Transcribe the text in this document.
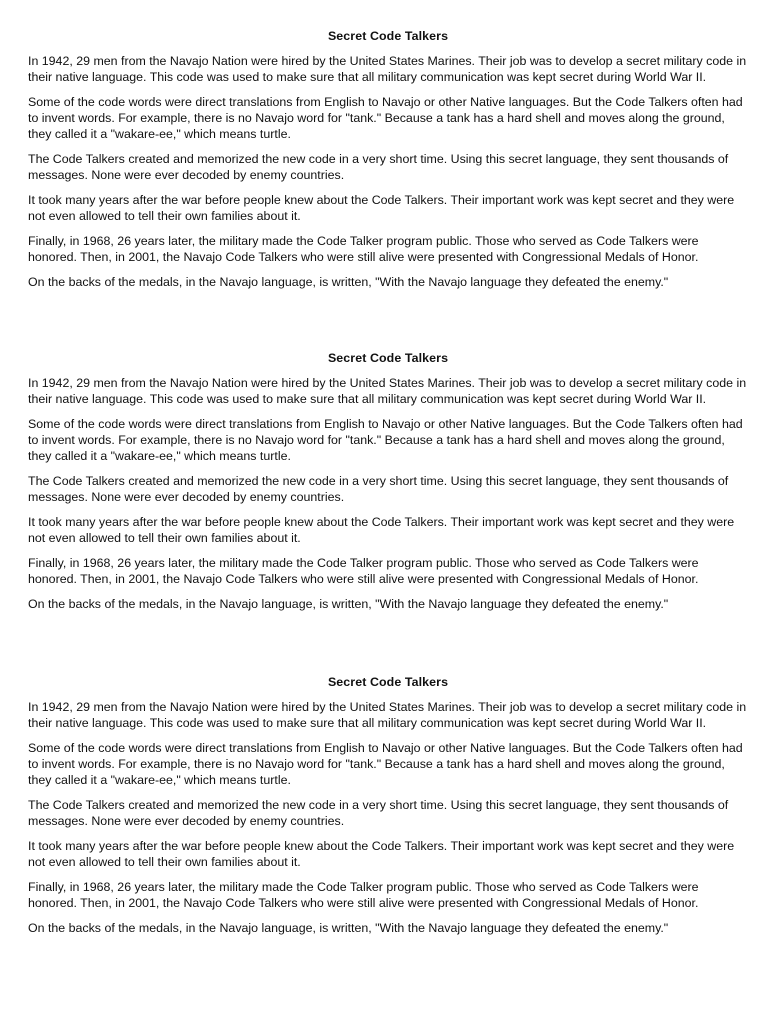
Secret Code Talkers

In 1942, 29 men from the Navajo Nation were hired by the United States Marines. Their job was to develop a secret military code in their native language. This code was used to make sure that all military communication was kept secret during World War II.

Some of the code words were direct translations from English to Navajo or other Native languages. But the Code Talkers often had to invent words. For example, there is no Navajo word for "tank." Because a tank has a hard shell and moves along the ground, they called it a "wakare-ee," which means turtle.

The Code Talkers created and memorized the new code in a very short time. Using this secret language, they sent thousands of messages. None were ever decoded by enemy countries.

It took many years after the war before people knew about the Code Talkers. Their important work was kept secret and they were not even allowed to tell their own families about it.

Finally, in 1968, 26 years later, the military made the Code Talker program public. Those who served as Code Talkers were honored. Then, in 2001, the Navajo Code Talkers who were still alive were presented with Congressional Medals of Honor.

On the backs of the medals, in the Navajo language, is written, "With the Navajo language they defeated the enemy."

Secret Code Talkers

In 1942, 29 men from the Navajo Nation were hired by the United States Marines. Their job was to develop a secret military code in their native language. This code was used to make sure that all military communication was kept secret during World War II.

Some of the code words were direct translations from English to Navajo or other Native languages. But the Code Talkers often had to invent words. For example, there is no Navajo word for "tank." Because a tank has a hard shell and moves along the ground, they called it a "wakare-ee," which means turtle.

The Code Talkers created and memorized the new code in a very short time. Using this secret language, they sent thousands of messages. None were ever decoded by enemy countries.

It took many years after the war before people knew about the Code Talkers. Their important work was kept secret and they were not even allowed to tell their own families about it.

Finally, in 1968, 26 years later, the military made the Code Talker program public. Those who served as Code Talkers were honored. Then, in 2001, the Navajo Code Talkers who were still alive were presented with Congressional Medals of Honor.

On the backs of the medals, in the Navajo language, is written, "With the Navajo language they defeated the enemy."

Secret Code Talkers

In 1942, 29 men from the Navajo Nation were hired by the United States Marines. Their job was to develop a secret military code in their native language. This code was used to make sure that all military communication was kept secret during World War II.

Some of the code words were direct translations from English to Navajo or other Native languages. But the Code Talkers often had to invent words. For example, there is no Navajo word for "tank." Because a tank has a hard shell and moves along the ground, they called it a "wakare-ee," which means turtle.

The Code Talkers created and memorized the new code in a very short time. Using this secret language, they sent thousands of messages. None were ever decoded by enemy countries.

It took many years after the war before people knew about the Code Talkers. Their important work was kept secret and they were not even allowed to tell their own families about it.

Finally, in 1968, 26 years later, the military made the Code Talker program public. Those who served as Code Talkers were honored. Then, in 2001, the Navajo Code Talkers who were still alive were presented with Congressional Medals of Honor.

On the backs of the medals, in the Navajo language, is written, "With the Navajo language they defeated the enemy."
